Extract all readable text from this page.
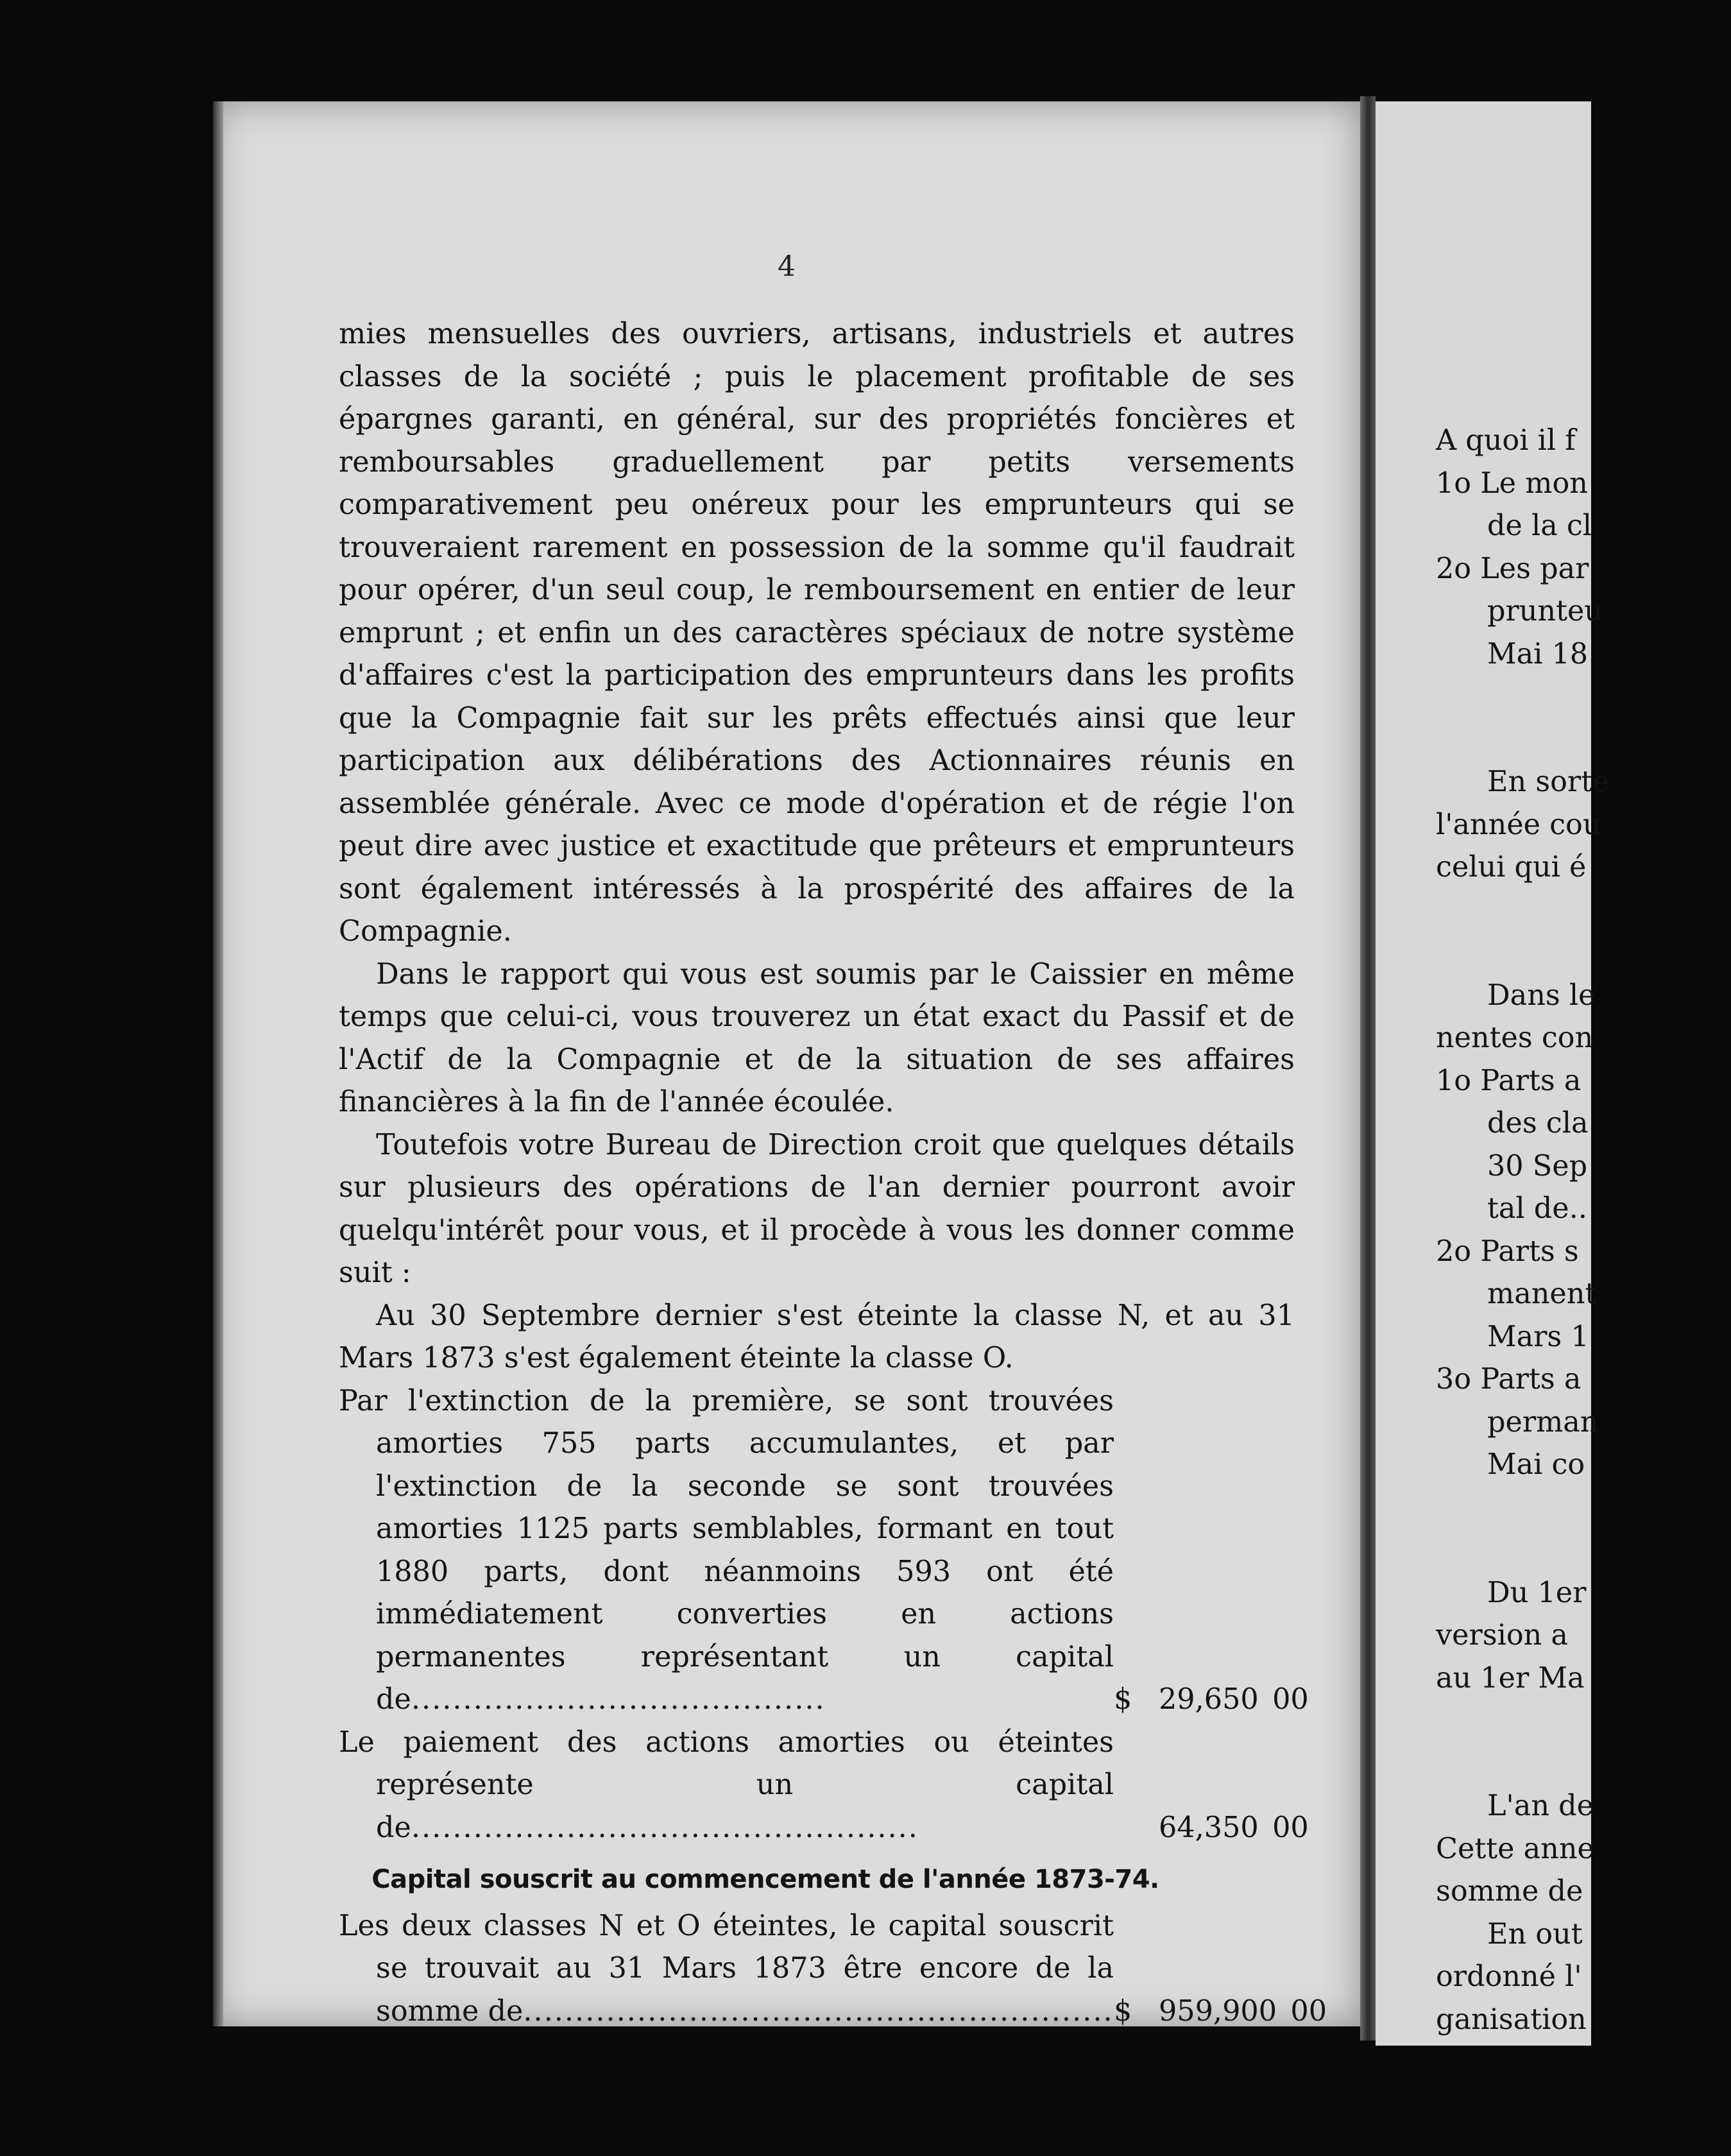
4

mies mensuelles des ouvriers, artisans, industriels et autres classes de la société ; puis le placement profitable de ses épargnes garanti, en général, sur des propriétés foncières et remboursables graduellement par petits versements comparativement peu onéreux pour les emprunteurs qui se trouveraient rarement en possession de la somme qu'il faudrait pour opérer, d'un seul coup, le remboursement en entier de leur emprunt ; et enfin un des caractères spéciaux de notre système d'affaires c'est la participation des emprunteurs dans les profits que la Compagnie fait sur les prêts effectués ainsi que leur participation aux délibérations des Actionnaires réunis en assemblée générale. Avec ce mode d'opération et de régie l'on peut dire avec justice et exactitude que prêteurs et emprunteurs sont également intéressés à la prospérité des affaires de la Compagnie.

Dans le rapport qui vous est soumis par le Caissier en même temps que celui-ci, vous trouverez un état exact du Passif et de l'Actif de la Compagnie et de la situation de ses affaires financières à la fin de l'année écoulée.

Toutefois votre Bureau de Direction croit que quelques détails sur plusieurs des opérations de l'an dernier pourront avoir quelqu'intérêt pour vous, et il procède à vous les donner comme suit :

Au 30 Septembre dernier s'est éteinte la classe N, et au 31 Mars 1873 s'est également éteinte la classe O.

Par l'extinction de la première, se sont trouvées amorties 755 parts accumulantes, et par l'extinction de la seconde se sont trouvées amorties 1125 parts semblables, formant en tout 1880 parts, dont néanmoins 593 ont été immédiatement converties en actions permanentes représentant un capital de........................................	$ 29,650 00
Le paiement des actions amorties ou éteintes représente un capital de.................................................	64,350 00
Capital souscrit au commencement de l'année 1873-74.
Les deux classes N et O éteintes, le capital souscrit se trouvait au 31 Mars 1873 être encore de la somme de......................................................... $ 959,900 00
A quoi il f
1o Le mon
de la cl
2o Les par
prunteu
Mai 18
En sorte
l'année cou
celui qui é
Dans le
nentes con
1o Parts a
des cla
30 Sep
tal de..
2o Parts s
manent
Mars 1
3o Parts a
perman
Mai co
Du 1er
version a
au 1er Ma
L'an de
Cette anne
somme de
En out
ordonné l'
ganisation
